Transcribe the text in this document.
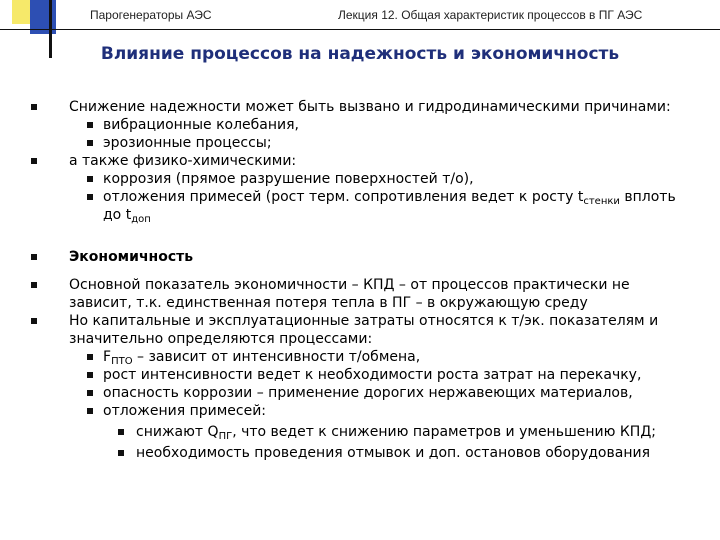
Парогенераторы АЭС	Лекция 12. Общая характеристик процессов в ПГ АЭС
Влияние процессов на надежность и экономичность
Снижение надежности может быть вызвано и гидродинамическими причинами:
вибрационные колебания,
эрозионные процессы;
а также физико-химическими:
коррозия (прямое разрушение поверхностей т/о),
отложения примесей (рост терм. сопротивления ведет к росту $t_{стенки}$ вплоть до $t_{доп}$
Экономичность
Основной показатель экономичности – КПД – от процессов практически не зависит, т.к. единственная потеря тепла в ПГ – в окружающую среду
Но капитальные и эксплуатационные затраты относятся к т/эк. показателям и значительно определяются процессами:
$F_{ПТО}$ – зависит от интенсивности т/обмена,
рост интенсивности ведет к необходимости роста затрат на перекачку,
опасность коррозии – применение дорогих нержавеющих материалов,
отложения примесей:
снижают $Q_{ПГ}$, что ведет к снижению параметров и уменьшению КПД;
необходимость проведения отмывок и доп. остановов оборудования
